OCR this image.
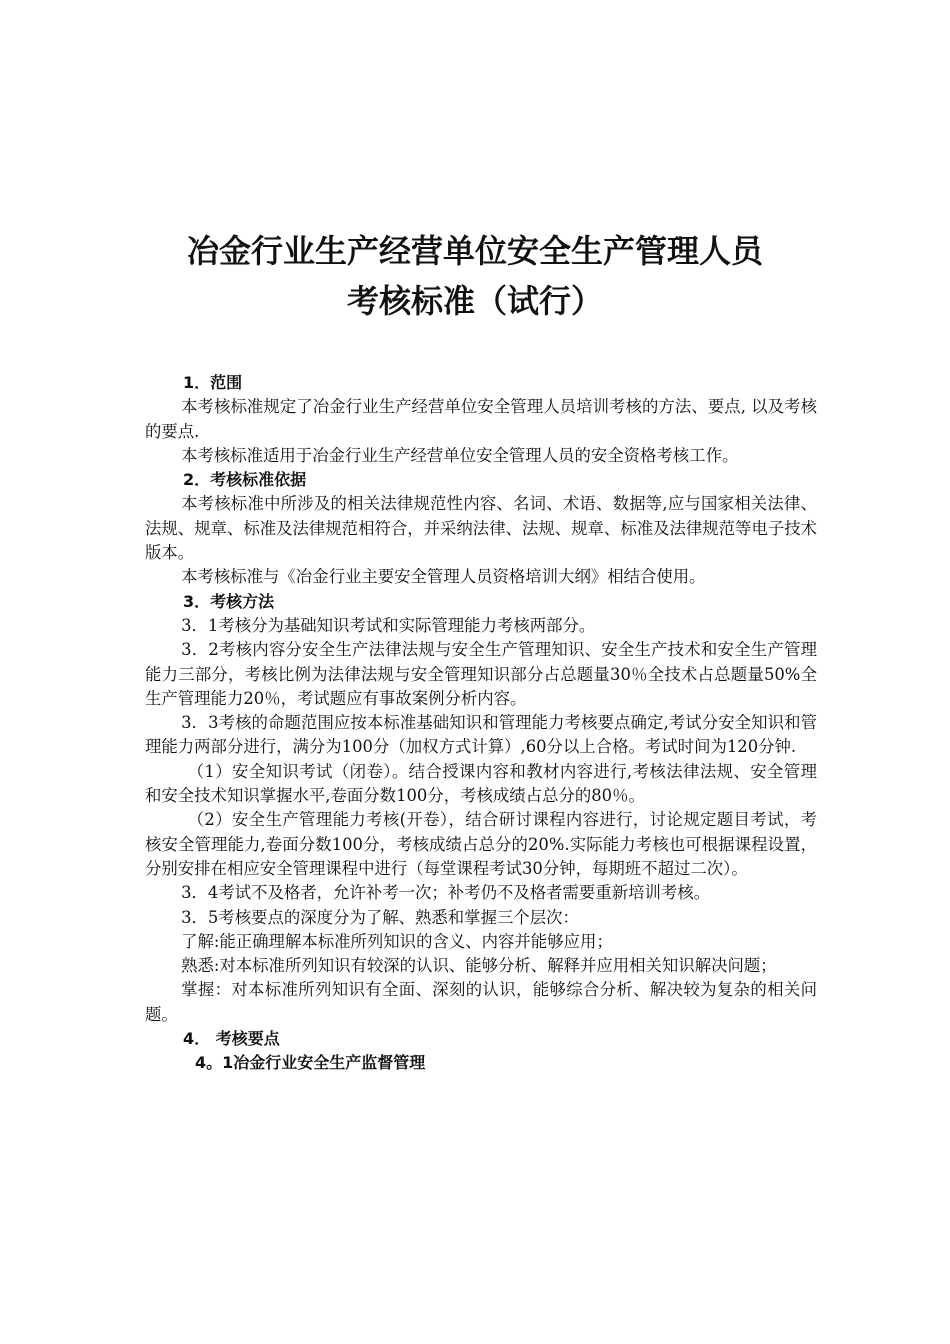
冶金行业生产经营单位安全生产管理人员
考核标准（试行）
1．范围

本考核标准规定了冶金行业生产经营单位安全管理人员培训考核的方法、要点, 以及考核的要点.

本考核标准适用于冶金行业生产经营单位安全管理人员的安全资格考核工作。

2．考核标准依据

本考核标准中所涉及的相关法律规范性内容、名词、术语、数据等,应与国家相关法律、法规、规章、标准及法律规范相符合，并采纳法律、法规、规章、标准及法律规范等电子技术版本。

本考核标准与《冶金行业主要安全管理人员资格培训大纲》相结合使用。

3．考核方法

3．1考核分为基础知识考试和实际管理能力考核两部分。

3．2考核内容分安全生产法律法规与安全生产管理知识、安全生产技术和安全生产管理能力三部分，考核比例为法律法规与安全管理知识部分占总题量30％全技术占总题量50%全生产管理能力20％，考试题应有事故案例分析内容。

3．3考核的命题范围应按本标准基础知识和管理能力考核要点确定,考试分安全知识和管理能力两部分进行，满分为100分（加权方式计算）,60分以上合格。考试时间为120分钟.

（1）安全知识考试（闭卷）。结合授课内容和教材内容进行,考核法律法规、安全管理和安全技术知识掌握水平,卷面分数100分，考核成绩占总分的80％。

（2）安全生产管理能力考核(开卷），结合研讨课程内容进行，讨论规定题目考试，考核安全管理能力,卷面分数100分，考核成绩占总分的20%.实际能力考核也可根据课程设置，分别安排在相应安全管理课程中进行（每堂课程考试30分钟，每期班不超过二次）。

3．4考试不及格者，允许补考一次；补考仍不及格者需要重新培训考核。

3．5考核要点的深度分为了解、熟悉和掌握三个层次：

了解:能正确理解本标准所列知识的含义、内容并能够应用；

熟悉:对本标准所列知识有较深的认识、能够分析、解释并应用相关知识解决问题；

掌握：对本标准所列知识有全面、深刻的认识，能够综合分析、解决较为复杂的相关问题。

4． 考核要点
4。1冶金行业安全生产监督管理
